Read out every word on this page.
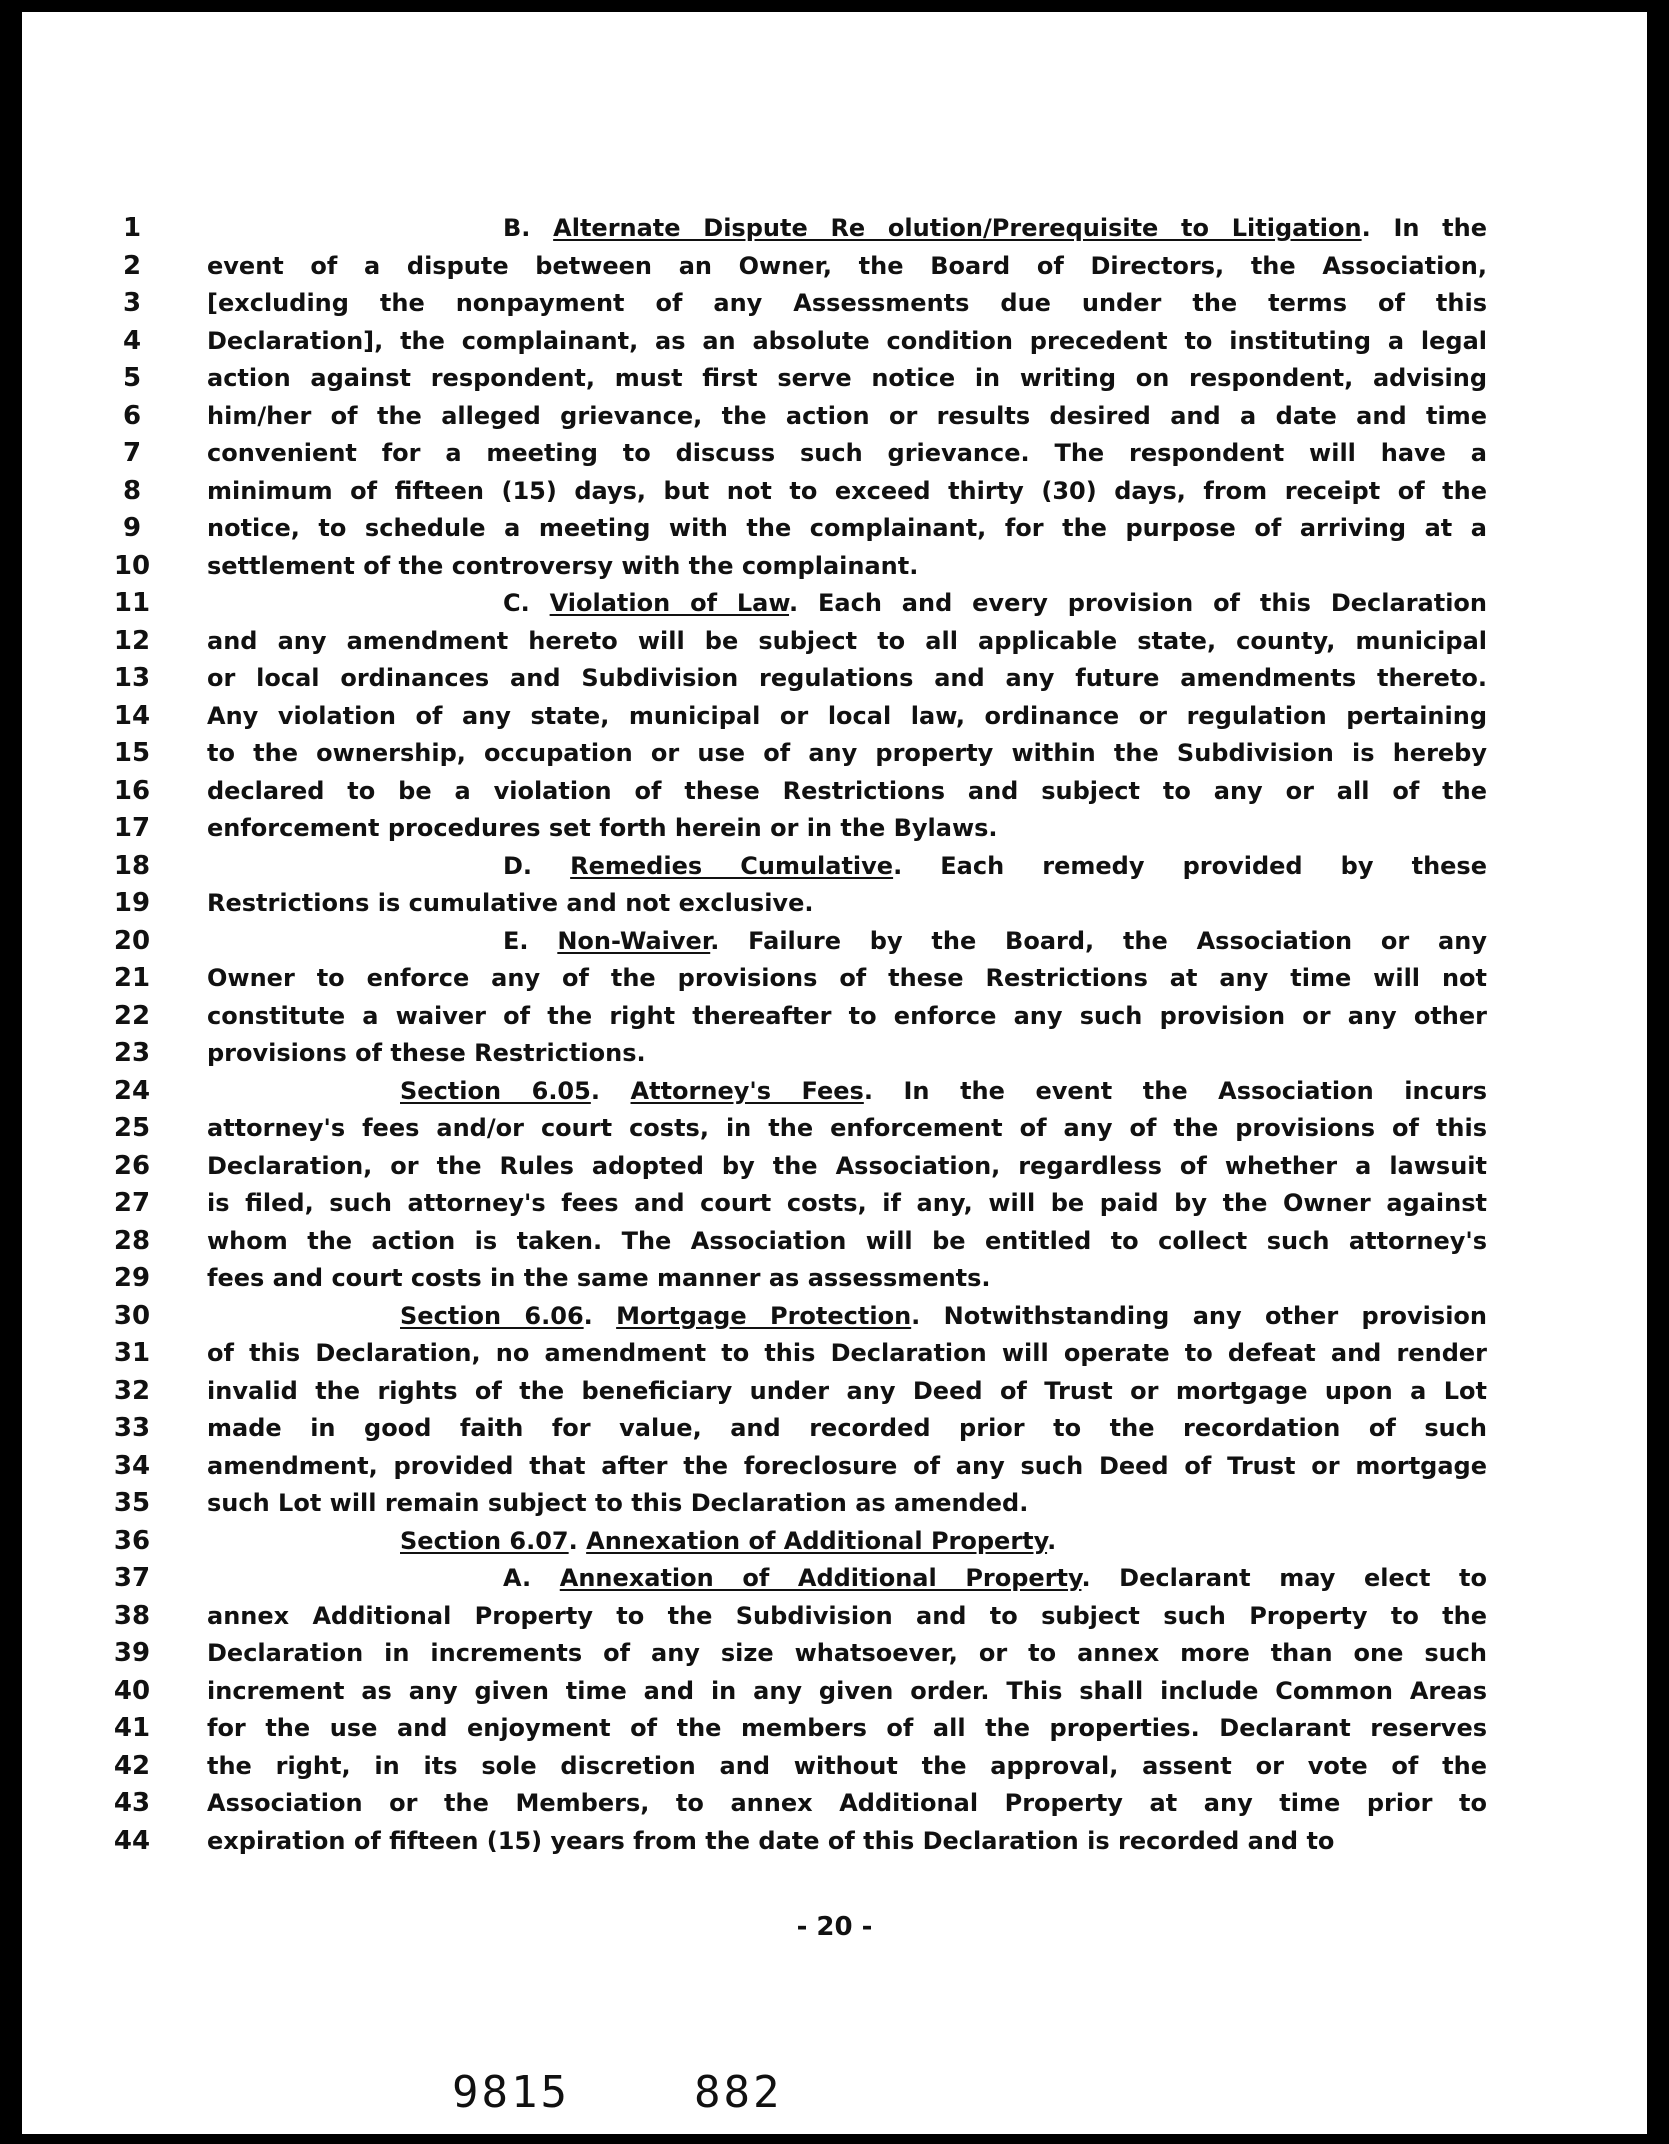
1
2
3
4
5
6
7
8
9
10
11
12
13
14
15
16
17
18
19
20
21
22
23
24
25
26
27
28
29
30
31
32
33
34
35
36
37
38
39
40
41
42
43
44
B. Alternate Dispute Re olution/Prerequisite to Litigation. In the
event of a dispute between an Owner, the Board of Directors, the Association,
[excluding the nonpayment of any Assessments due under the terms of this
Declaration], the complainant, as an absolute condition precedent to instituting a legal
action against respondent, must first serve notice in writing on respondent, advising
him/her of the alleged grievance, the action or results desired and a date and time
convenient for a meeting to discuss such grievance. The respondent will have a
minimum of fifteen (15) days, but not to exceed thirty (30) days, from receipt of the
notice, to schedule a meeting with the complainant, for the purpose of arriving at a
settlement of the controversy with the complainant.
C. Violation of Law. Each and every provision of this Declaration
and any amendment hereto will be subject to all applicable state, county, municipal
or local ordinances and Subdivision regulations and any future amendments thereto.
Any violation of any state, municipal or local law, ordinance or regulation pertaining
to the ownership, occupation or use of any property within the Subdivision is hereby
declared to be a violation of these Restrictions and subject to any or all of the
enforcement procedures set forth herein or in the Bylaws.
D. Remedies Cumulative. Each remedy provided by these
Restrictions is cumulative and not exclusive.
E. Non-Waiver. Failure by the Board, the Association or any
Owner to enforce any of the provisions of these Restrictions at any time will not
constitute a waiver of the right thereafter to enforce any such provision or any other
provisions of these Restrictions.
Section 6.05. Attorney's Fees. In the event the Association incurs
attorney's fees and/or court costs, in the enforcement of any of the provisions of this
Declaration, or the Rules adopted by the Association, regardless of whether a lawsuit
is filed, such attorney's fees and court costs, if any, will be paid by the Owner against
whom the action is taken. The Association will be entitled to collect such attorney's
fees and court costs in the same manner as assessments.
Section 6.06. Mortgage Protection. Notwithstanding any other provision
of this Declaration, no amendment to this Declaration will operate to defeat and render
invalid the rights of the beneficiary under any Deed of Trust or mortgage upon a Lot
made in good faith for value, and recorded prior to the recordation of such
amendment, provided that after the foreclosure of any such Deed of Trust or mortgage
such Lot will remain subject to this Declaration as amended.
Section 6.07. Annexation of Additional Property.
A. Annexation of Additional Property. Declarant may elect to
annex Additional Property to the Subdivision and to subject such Property to the
Declaration in increments of any size whatsoever, or to annex more than one such
increment as any given time and in any given order. This shall include Common Areas
for the use and enjoyment of the members of all the properties. Declarant reserves
the right, in its sole discretion and without the approval, assent or vote of the
Association or the Members, to annex Additional Property at any time prior to
expiration of fifteen (15) years from the date of this Declaration is recorded and to
- 20 -
9815	882
